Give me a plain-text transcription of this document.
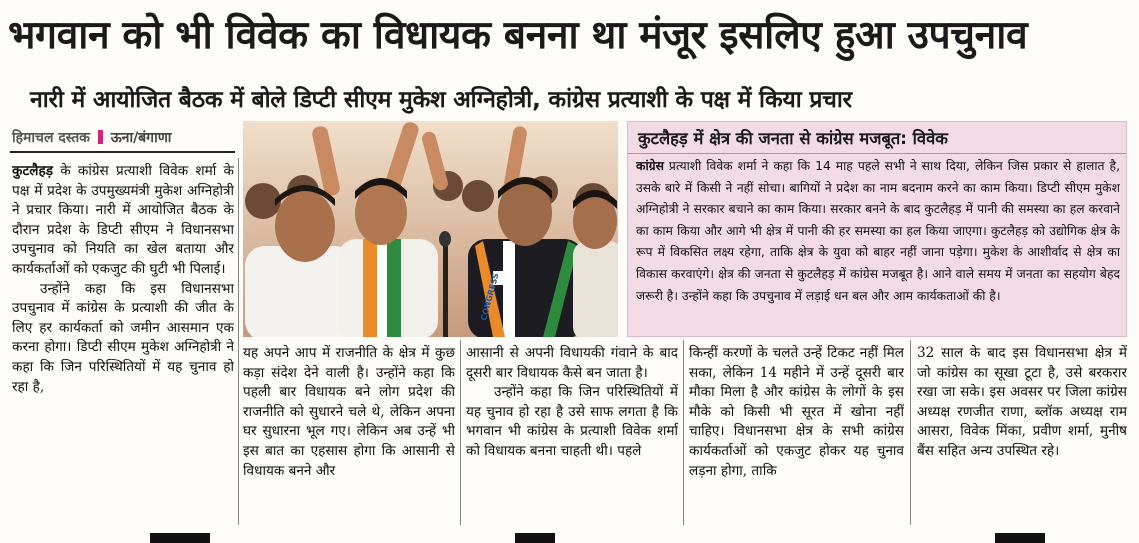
भगवान को भी विवेक का विधायक बनना था मंजूर इसलिए हुआ उपचुनाव
नारी में आयोजित बैठक में बोले डिप्टी सीएम मुकेश अग्निहोत्री, कांग्रेस प्रत्याशी के पक्ष में किया प्रचार
हिमाचल दस्तक ऊना/बंगाणा

कुटलैहड़ के कांग्रेस प्रत्याशी विवेक शर्मा के पक्ष में प्रदेश के उपमुख्यमंत्री मुकेश अग्निहोत्री ने प्रचार किया। नारी में आयोजित बैठक के दौरान प्रदेश के डिप्टी सीएम ने विधानसभा उपचुनाव को नियति का खेल बताया और कार्यकर्ताओं को एकजुट की घुटी भी पिलाई।

उन्होंने कहा कि इस विधानसभा उपचुनाव में कांग्रेस के प्रत्याशी की जीत के लिए हर कार्यकर्ता को जमीन आसमान एक करना होगा। डिप्टी सीएम मुकेश अग्निहोत्री ने कहा कि जिन परिस्थितियों में यह चुनाव हो रहा है,

CONGRESS
कुटलैहड़ में क्षेत्र की जनता से कांग्रेस मजबूत: विवेक
कांग्रेस प्रत्याशी विवेक शर्मा ने कहा कि 14 माह पहले सभी ने साथ दिया, लेकिन जिस प्रकार से हालात है, उसके बारे में किसी ने नहीं सोचा। बागियों ने प्रदेश का नाम बदनाम करने का काम किया। डिप्टी सीएम मुकेश अग्निहोत्री ने सरकार बचाने का काम किया। सरकार बनने के बाद कुटलैहड़ में पानी की समस्या का हल करवाने का काम किया और आगे भी क्षेत्र में पानी की हर समस्या का हल किया जाएगा। कुटलैहड़ को उद्योगिक क्षेत्र के रूप में विकसित लक्ष्य रहेगा, ताकि क्षेत्र के युवा को बाहर नहीं जाना पड़ेगा। मुकेश के आशीर्वाद से क्षेत्र का विकास करवाएंगे। क्षेत्र की जनता से कुटलैहड़ में कांग्रेस मजबूत है। आने वाले समय में जनता का सहयोग बेहद जरूरी है। उन्होंने कहा कि उपचुनाव में लड़ाई धन बल और आम कार्यकताओं की है।

यह अपने आप में राजनीति के क्षेत्र में कुछ कड़ा संदेश देने वाली है। उन्होंने कहा कि पहली बार विधायक बने लोग प्रदेश की राजनीति को सुधारने चले थे, लेकिन अपना घर सुधारना भूल गए। लेकिन अब उन्हें भी इस बात का एहसास होगा कि आसानी से विधायक बनने और

आसानी से अपनी विधायकी गंवाने के बाद दूसरी बार विधायक कैसे बन जाता है।

उन्होंने कहा कि जिन परिस्थितियों में यह चुनाव हो रहा है उसे साफ लगता है कि भगवान भी कांग्रेस के प्रत्याशी विवेक शर्मा को विधायक बनना चाहती थी। पहले

किन्हीं करणों के चलते उन्हें टिकट नहीं मिल सका, लेकिन 14 महीने में उन्हें दूसरी बार मौका मिला है और कांग्रेस के लोगों के इस मौके को किसी भी सूरत में खोना नहीं चाहिए। विधानसभा क्षेत्र के सभी कांग्रेस कार्यकर्ताओं को एकजुट होकर यह चुनाव लड़ना होगा, ताकि

32 साल के बाद इस विधानसभा क्षेत्र में जो कांग्रेस का सूखा टूटा है, उसे बरकरार रखा जा सके। इस अवसर पर जिला कांग्रेस अध्यक्ष रणजीत राणा, ब्लॉक अध्यक्ष राम आसरा, विवेक मिंका, प्रवीण शर्मा, मुनीष बैंस सहित अन्य उपस्थित रहे।
